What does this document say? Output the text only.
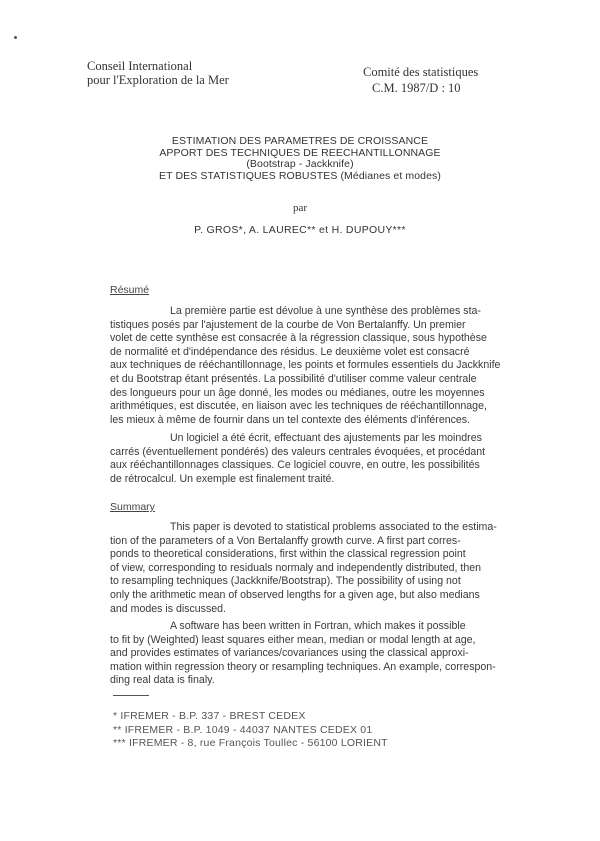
Conseil International
pour l'Exploration de la Mer
Comité des statistiques
C.M. 1987/D : 10
ESTIMATION DES PARAMETRES DE CROISSANCE
APPORT DES TECHNIQUES DE REECHANTILLONNAGE
(Bootstrap - Jackknife)
ET DES STATISTIQUES ROBUSTES (Médianes et modes)
par
P. GROS*, A. LAUREC** et H. DUPOUY***
Résumé
La première partie est dévolue à une synthèse des problèmes sta-
tistiques posés par l'ajustement de la courbe de Von Bertalanffy. Un premier
volet de cette synthèse est consacrée à la régression classique, sous hypothèse
de normalité et d'indépendance des résidus. Le deuxième volet est consacré
aux techniques de rééchantillonnage, les points et formules essentiels du Jackknife
et du Bootstrap étant présentés. La possibilité d'utiliser comme valeur centrale
des longueurs pour un âge donné, les modes ou médianes, outre les moyennes
arithmétiques, est discutée, en liaison avec les techniques de rééchantillonnage,
les mieux à même de fournir dans un tel contexte des éléments d'inférences.
Un logiciel a été écrit, effectuant des ajustements par les moindres
carrés (éventuellement pondérés) des valeurs centrales évoquées, et procédant
aux rééchantillonnages classiques. Ce logiciel couvre, en outre, les possibilités
de rétrocalcul. Un exemple est finalement traité.
Summary
This paper is devoted to statistical problems associated to the estima-
tion of the parameters of a Von Bertalanffy growth curve. A first part corres-
ponds to theoretical considerations, first within the classical regression point
of view, corresponding to residuals normaly and independently distributed, then
to resampling techniques (Jackknife/Bootstrap). The possibility of using not
only the arithmetic mean of observed lengths for a given age, but also medians
and modes is discussed.
A software has been written in Fortran, which makes it possible
to fit by (Weighted) least squares either mean, median or modal length at age,
and provides estimates of variances/covariances using the classical approxi-
mation within regression theory or resampling techniques. An example, correspon-
ding real data is finaly.
* IFREMER - B.P. 337 - BREST CEDEX
** IFREMER - B.P. 1049 - 44037 NANTES CEDEX 01
*** IFREMER - 8, rue François Toullec - 56100 LORIENT
